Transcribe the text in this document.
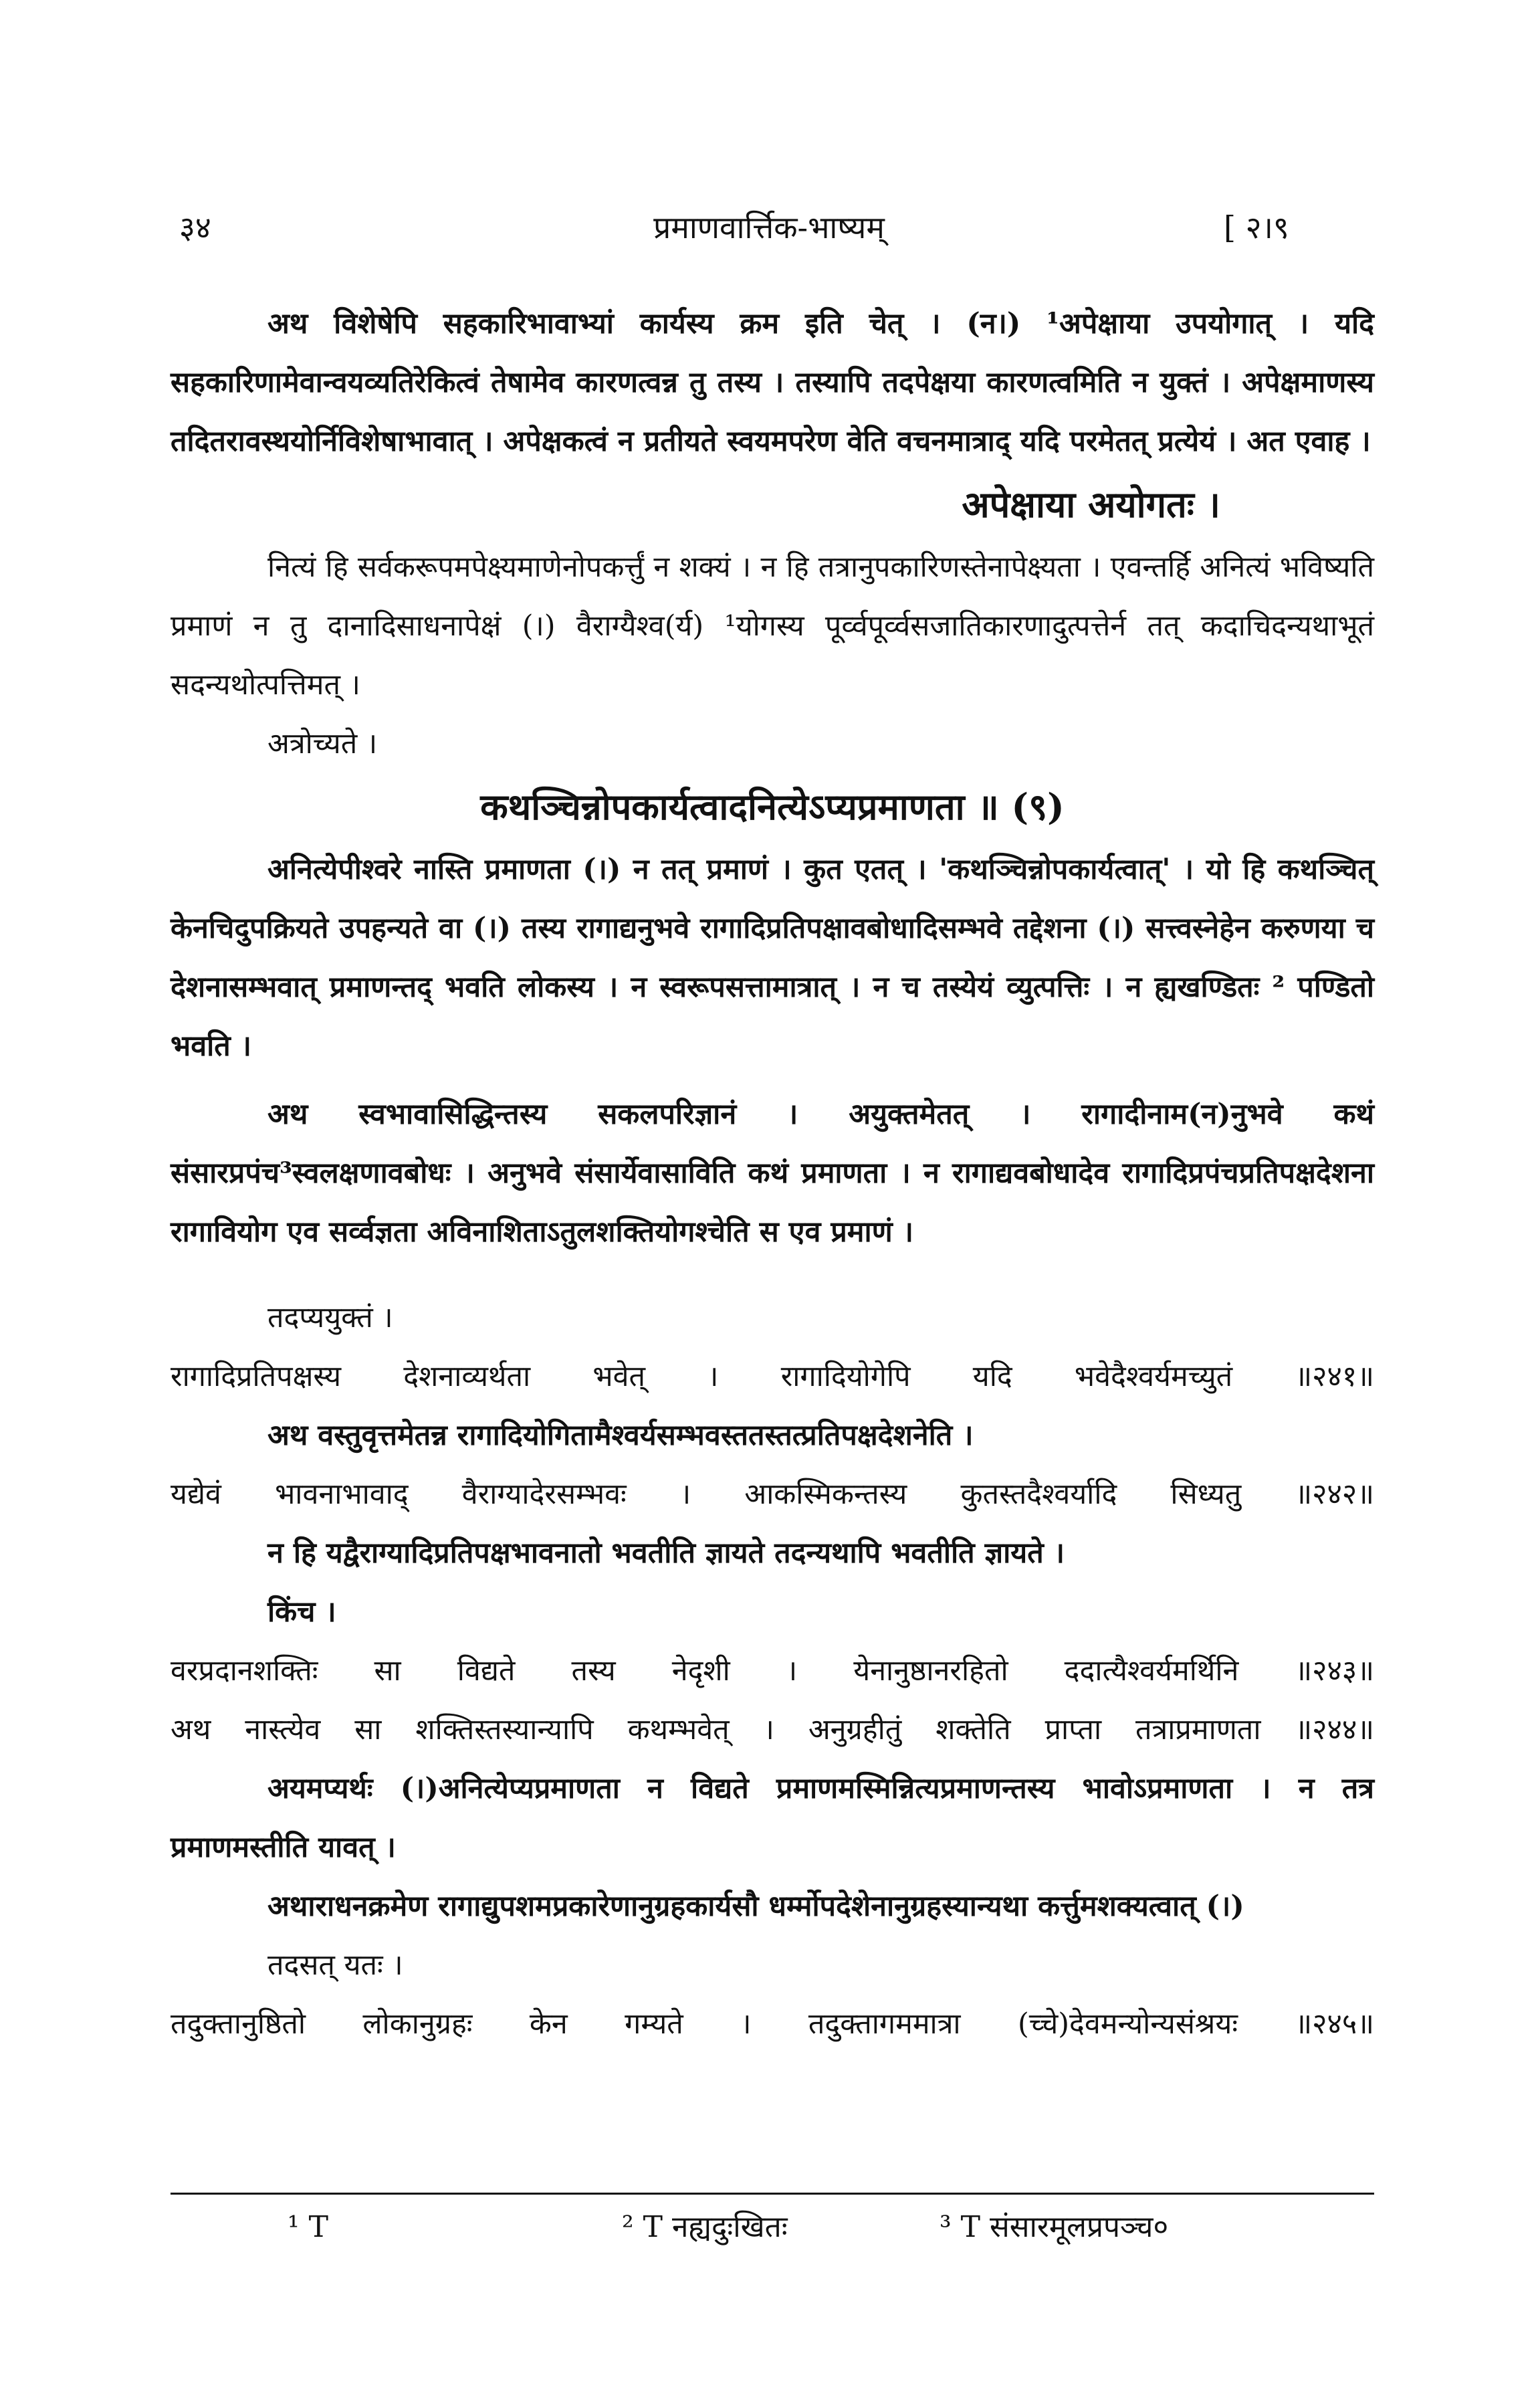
३४	प्रमाणवार्त्तिक-भाष्यम्	[ २।९

अथ विशेषेपि सहकारिभावाभ्यां कार्यस्य क्रम इति चेत् । (न।) ¹अपेक्षाया उपयोगात् । यदि सहकारिणामेवान्वयव्यतिरेकित्वं तेषामेव कारणत्वन्न तु तस्य । तस्यापि तदपेक्षया कारणत्वमिति न युक्तं । अपेक्षमाणस्य तदितरावस्थयोर्निविशेषाभावात् । अपेक्षकत्वं न प्रतीयते स्वयमपरेण वेति वचनमात्राद् यदि परमेतत् प्रत्येयं । अत एवाह ।

अपेक्षाया अयोगतः ।

नित्यं हि सर्वकरूपमपेक्ष्यमाणेनोपकर्त्तुं न शक्यं । न हि तत्रानुपकारिणस्तेनापेक्ष्यता । एवन्तर्हि अनित्यं भविष्यति प्रमाणं न तु दानादिसाधनापेक्षं (।) वैराग्यैश्व(र्य) ¹योगस्य पूर्व्वपूर्व्वसजातिकारणादुत्पत्तेर्न तत् कदाचिदन्यथाभूतं सदन्यथोत्पत्तिमत् ।

अत्रोच्यते ।

कथञ्चिन्नोपकार्यत्वादनित्येऽप्यप्रमाणता ॥ (९)

अनित्येपीश्वरे नास्ति प्रमाणता (।) न तत् प्रमाणं । कुत एतत् । 'कथञ्चिन्नोपकार्यत्वात्' । यो हि कथञ्चित् केनचिदुपक्रियते उपहन्यते वा (।) तस्य रागाद्यनुभवे रागादिप्रतिपक्षावबोधादिसम्भवे तद्देशना (।) सत्त्वस्नेहेन करुणया च देशनासम्भवात् प्रमाणन्तद् भवति लोकस्य । न स्वरूपसत्तामात्रात् । न च तस्येयं व्युत्पत्तिः । न ह्यखण्डितः ² पण्डितो भवति ।

अथ स्वभावासिद्धिन्तस्य सकलपरिज्ञानं । अयुक्तमेतत् । रागादीनाम(न)नुभवे कथं संसारप्रपंच³स्वलक्षणावबोधः । अनुभवे संसार्येवासाविति कथं प्रमाणता । न रागाद्यवबोधादेव रागादिप्रपंचप्रतिपक्षदेशना रागावियोग एव सर्व्वज्ञता अविनाशिताऽतुलशक्तियोगश्चेति स एव प्रमाणं ।

तदप्ययुक्तं ।

रागादिप्रतिपक्षस्य देशनाव्यर्थता भवेत् । रागादियोगेपि यदि भवेदैश्वर्यमच्युतं ॥२४१॥

अथ वस्तुवृत्तमेतन्न रागादियोगितामैश्वर्यसम्भवस्ततस्तत्प्रतिपक्षदेशनेति ।

यद्येवं भावनाभावाद् वैराग्यादेरसम्भवः । आकस्मिकन्तस्य कुतस्तदैश्वर्यादि सिध्यतु ॥२४२॥

न हि यद्वैराग्यादिप्रतिपक्षभावनातो भवतीति ज्ञायते तदन्यथापि भवतीति ज्ञायते ।

किंच ।

वरप्रदानशक्तिः सा विद्यते तस्य नेदृशी । येनानुष्ठानरहितो ददात्यैश्वर्यमर्थिनि ॥२४३॥

अथ नास्त्येव सा शक्तिस्तस्यान्यापि कथम्भवेत् । अनुग्रहीतुं शक्तेति प्राप्ता तत्राप्रमाणता ॥२४४॥

अयमप्यर्थः (।)अनित्येप्यप्रमाणता न विद्यते प्रमाणमस्मिन्नित्यप्रमाणन्तस्य भावोऽप्रमाणता । न तत्र प्रमाणमस्तीति यावत् ।

अथाराधनक्रमेण रागाद्युपशमप्रकारेणानुग्रहकार्यसौ धर्म्मोपदेशेनानुग्रहस्यान्यथा कर्त्तुमशक्यत्वात् (।)

तदसत् यतः ।

तदुक्तानुष्ठितो लोकानुग्रहः केन गम्यते । तदुक्तागममात्रा (च्चे)देवमन्योन्यसंश्रयः ॥२४५॥

¹ T	² T नह्यदुःखितः	³ T संसारमूलप्रपञ्च०
